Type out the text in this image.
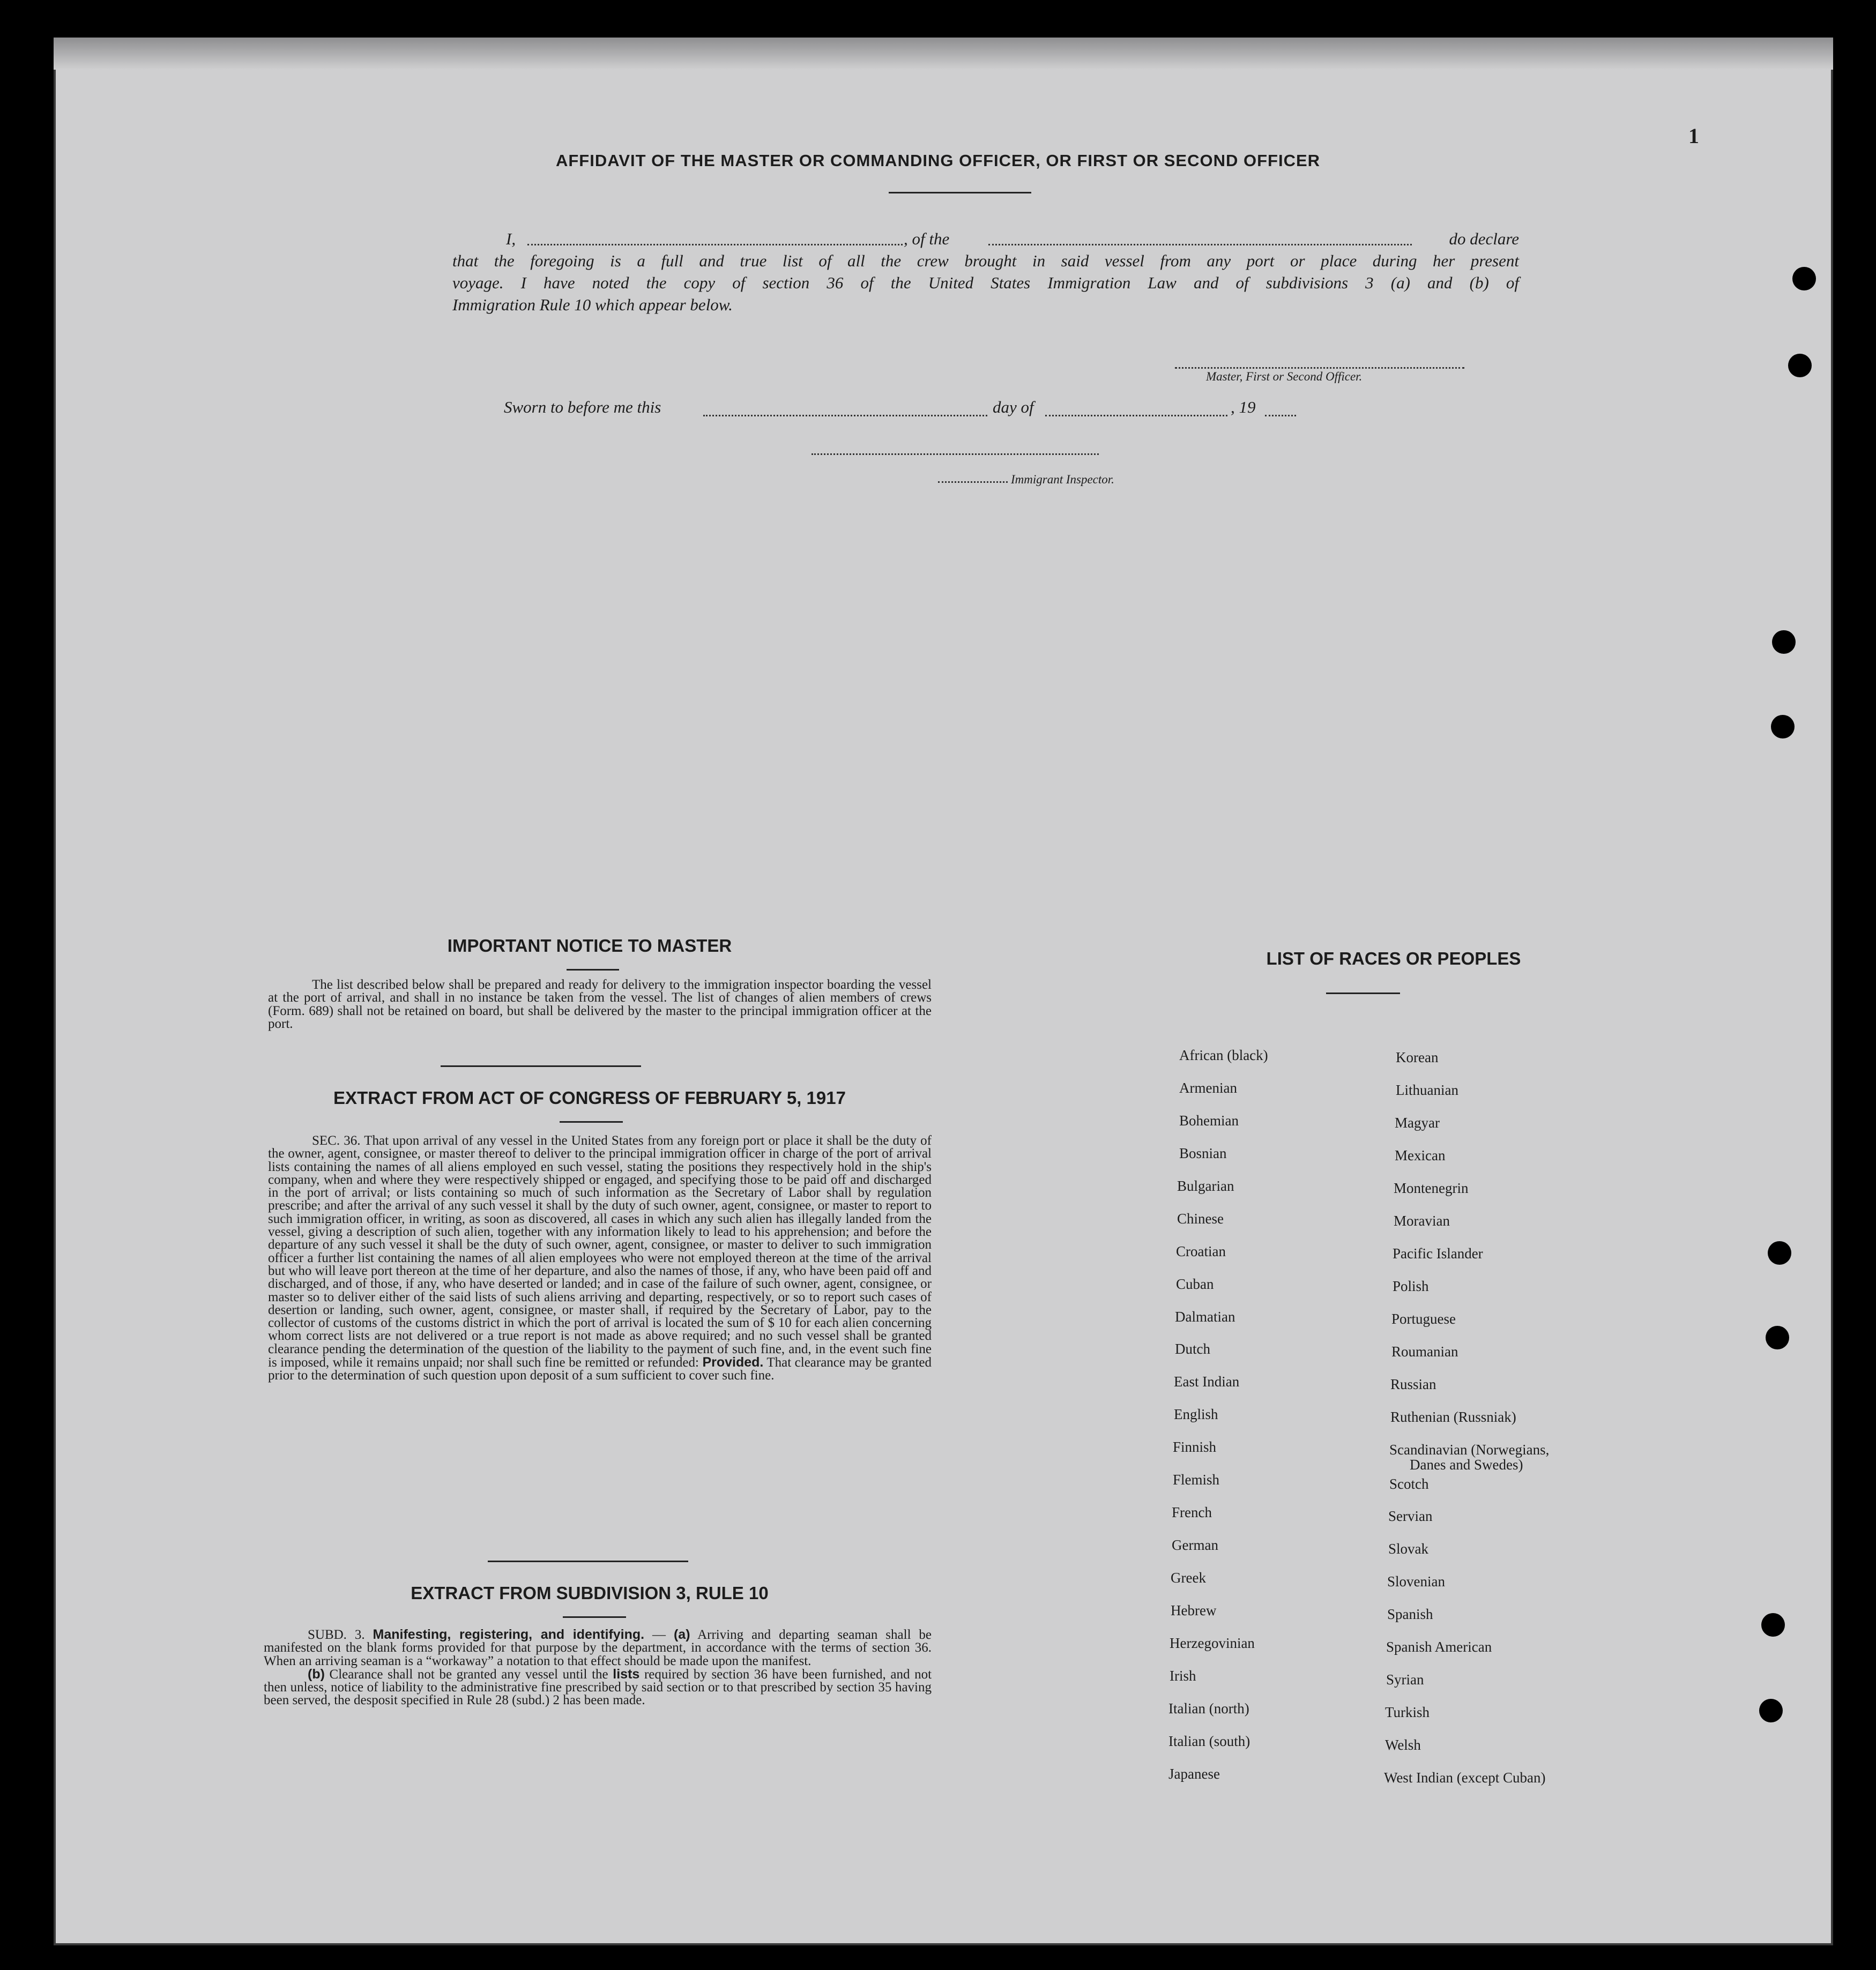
1
AFFIDAVIT OF THE MASTER OR COMMANDING OFFICER, OR FIRST OR SECOND OFFICER
I,	, of the	do declare
that the foregoing is a full and true list of all the crew brought in said vessel from any port or place during her present
voyage. I have noted the copy of section 36 of the United States Immigration Law and of subdivisions 3 (a) and (b) of
Immigration Rule 10 which appear below.
Master, First or Second Officer.
Sworn to before me this	day of	, 19
Immigrant Inspector.
IMPORTANT NOTICE TO MASTER
The list described below shall be prepared and ready for delivery to the immigration inspector boarding the vessel at the port of arrival, and shall in no instance be taken from the vessel. The list of changes of alien members of crews (Form. 689) shall not be retained on board, but shall be delivered by the master to the principal immigration officer at the port.
EXTRACT FROM ACT OF CONGRESS OF FEBRUARY 5, 1917
SEC. 36. That upon arrival of any vessel in the United States from any foreign port or place it shall be the duty of the owner, agent, consignee, or master thereof to deliver to the principal immigration officer in charge of the port of arrival lists containing the names of all aliens employed en such vessel, stating the positions they respectively hold in the ship's company, when and where they were respectively shipped or engaged, and specifying those to be paid off and discharged in the port of arrival; or lists containing so much of such information as the Secretary of Labor shall by regulation prescribe; and after the arrival of any such vessel it shall by the duty of such owner, agent, consignee, or master to report to such immigration officer, in writing, as soon as discovered, all cases in which any such alien has illegally landed from the vessel, giving a description of such alien, together with any information likely to lead to his apprehension; and before the departure of any such vessel it shall be the duty of such owner, agent, consignee, or master to deliver to such immigration officer a further list containing the names of all alien employees who were not employed thereon at the time of the arrival but who will leave port thereon at the time of her departure, and also the names of those, if any, who have been paid off and discharged, and of those, if any, who have deserted or landed; and in case of the failure of such owner, agent, consignee, or master so to deliver either of the said lists of such aliens arriving and departing, respectively, or so to report such cases of desertion or landing, such owner, agent, consignee, or master shall, if required by the Secretary of Labor, pay to the collector of customs of the customs district in which the port of arrival is located the sum of $ 10 for each alien concerning whom correct lists are not delivered or a true report is not made as above required; and no such vessel shall be granted clearance pending the determination of the question of the liability to the payment of such fine, and, in the event such fine is imposed, while it remains unpaid; nor shall such fine be remitted or refunded: Provided. That clearance may be granted prior to the determination of such question upon deposit of a sum sufficient to cover such fine.
EXTRACT FROM SUBDIVISION 3, RULE 10
SUBD. 3. Manifesting, registering, and identifying. — (a) Arriving and departing seaman shall be manifested on the blank forms provided for that purpose by the department, in accordance with the terms of section 36. When an arriving seaman is a “workaway” a notation to that effect should be made upon the manifest.
(b) Clearance shall not be granted any vessel until the lists required by section 36 have been furnished, and not then unless, notice of liability to the administrative fine prescribed by said section or to that prescribed by section 35 having been served, the desposit specified in Rule 28 (subd.) 2 has been made.
LIST OF RACES OR PEOPLES
African (black)
Armenian
Bohemian
Bosnian
Bulgarian
Chinese
Croatian
Cuban
Dalmatian
Dutch
East Indian
English
Finnish
Flemish
French
German
Greek
Hebrew
Herzegovinian
Irish
Italian (north)
Italian (south)
Japanese
Korean
Lithuanian
Magyar
Mexican
Montenegrin
Moravian
Pacific Islander
Polish
Portuguese
Roumanian
Russian
Ruthenian (Russniak)
Scandinavian (Norwegians,
Danes and Swedes)
Scotch
Servian
Slovak
Slovenian
Spanish
Spanish American
Syrian
Turkish
Welsh
West Indian (except Cuban)
